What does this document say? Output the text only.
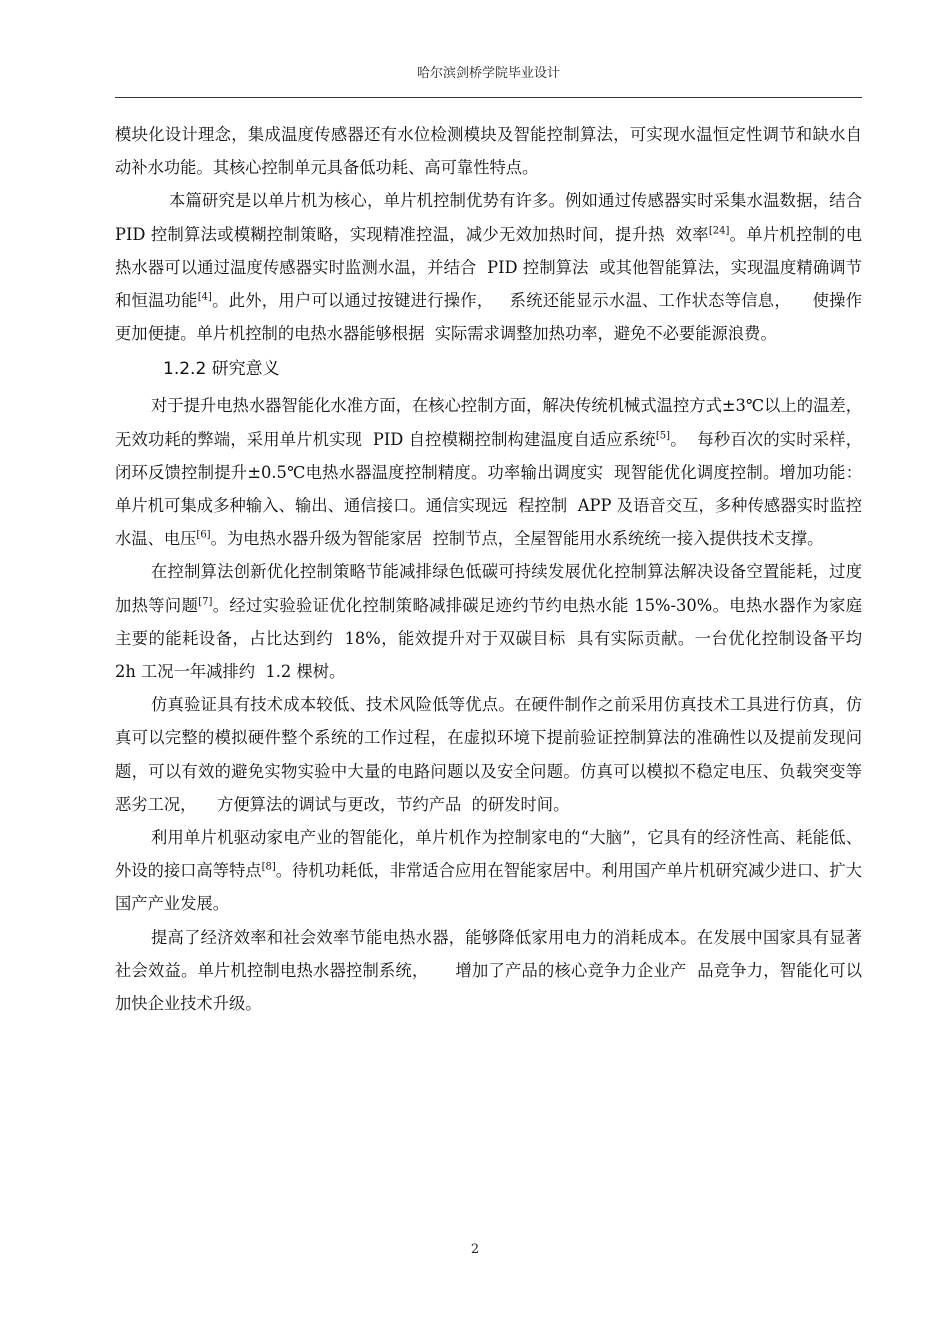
哈尔滨剑桥学院毕业设计

模块化设计理念，集成温度传感器还有水位检测模块及智能控制算法，可实现水温恒定性调节和缺水自动补水功能。其核心控制单元具备低功耗、高可靠性特点。

本篇研究是以单片机为核心，单片机控制优势有许多。例如通过传感器实时采集水温数据，结合  PID 控制算法或模糊控制策略，实现精准控温，减少无效加热时间，提升热  效率[24]。单片机控制的电热水器可以通过温度传感器实时监测水温，并结合  PID 控制算法  或其他智能算法，实现温度精确调节和恒温功能[4]。此外，用户可以通过按键进行操作，   系统还能显示水温、工作状态等信息，    使操作更加便捷。单片机控制的电热水器能够根据  实际需求调整加热功率，避免不必要能源浪费。

1.2.2 研究意义

对于提升电热水器智能化水准方面，在核心控制方面，解决传统机械式温控方式±3℃以上的温差，无效功耗的弊端，采用单片机实现  PID 自控模糊控制构建温度自适应系统[5]。  每秒百次的实时采样，闭环反馈控制提升±0.5℃电热水器温度控制精度。功率输出调度实  现智能优化调度控制。增加功能：单片机可集成多种输入、输出、通信接口。通信实现远  程控制  APP 及语音交互，多种传感器实时监控水温、电压[6]。为电热水器升级为智能家居  控制节点，全屋智能用水系统统一接入提供技术支撑。

在控制算法创新优化控制策略节能减排绿色低碳可持续发展优化控制算法解决设备空置能耗，过度加热等问题[7]。经过实验验证优化控制策略减排碳足迹约节约电热水能 15%-30%。电热水器作为家庭主要的能耗设备，占比达到约  18%，能效提升对于双碳目标  具有实际贡献。一台优化控制设备平均  2h 工况一年减排约  1.2 棵树。

仿真验证具有技术成本较低、技术风险低等优点。在硬件制作之前采用仿真技术工具进行仿真，仿真可以完整的模拟硬件整个系统的工作过程，在虚拟环境下提前验证控制算法的准确性以及提前发现问题，可以有效的避免实物实验中大量的电路问题以及安全问题。仿真可以模拟不稳定电压、负载突变等恶劣工况，    方便算法的调试与更改，节约产品  的研发时间。

利用单片机驱动家电产业的智能化，单片机作为控制家电的“大脑”，它具有的经济性高、耗能低、外设的接口高等特点[8]。待机功耗低，非常适合应用在智能家居中。利用国产单片机研究减少进口、扩大国产产业发展。

提高了经济效率和社会效率节能电热水器，能够降低家用电力的消耗成本。在发展中国家具有显著社会效益。单片机控制电热水器控制系统，     增加了产品的核心竞争力企业产  品竞争力，智能化可以加快企业技术升级。

2
